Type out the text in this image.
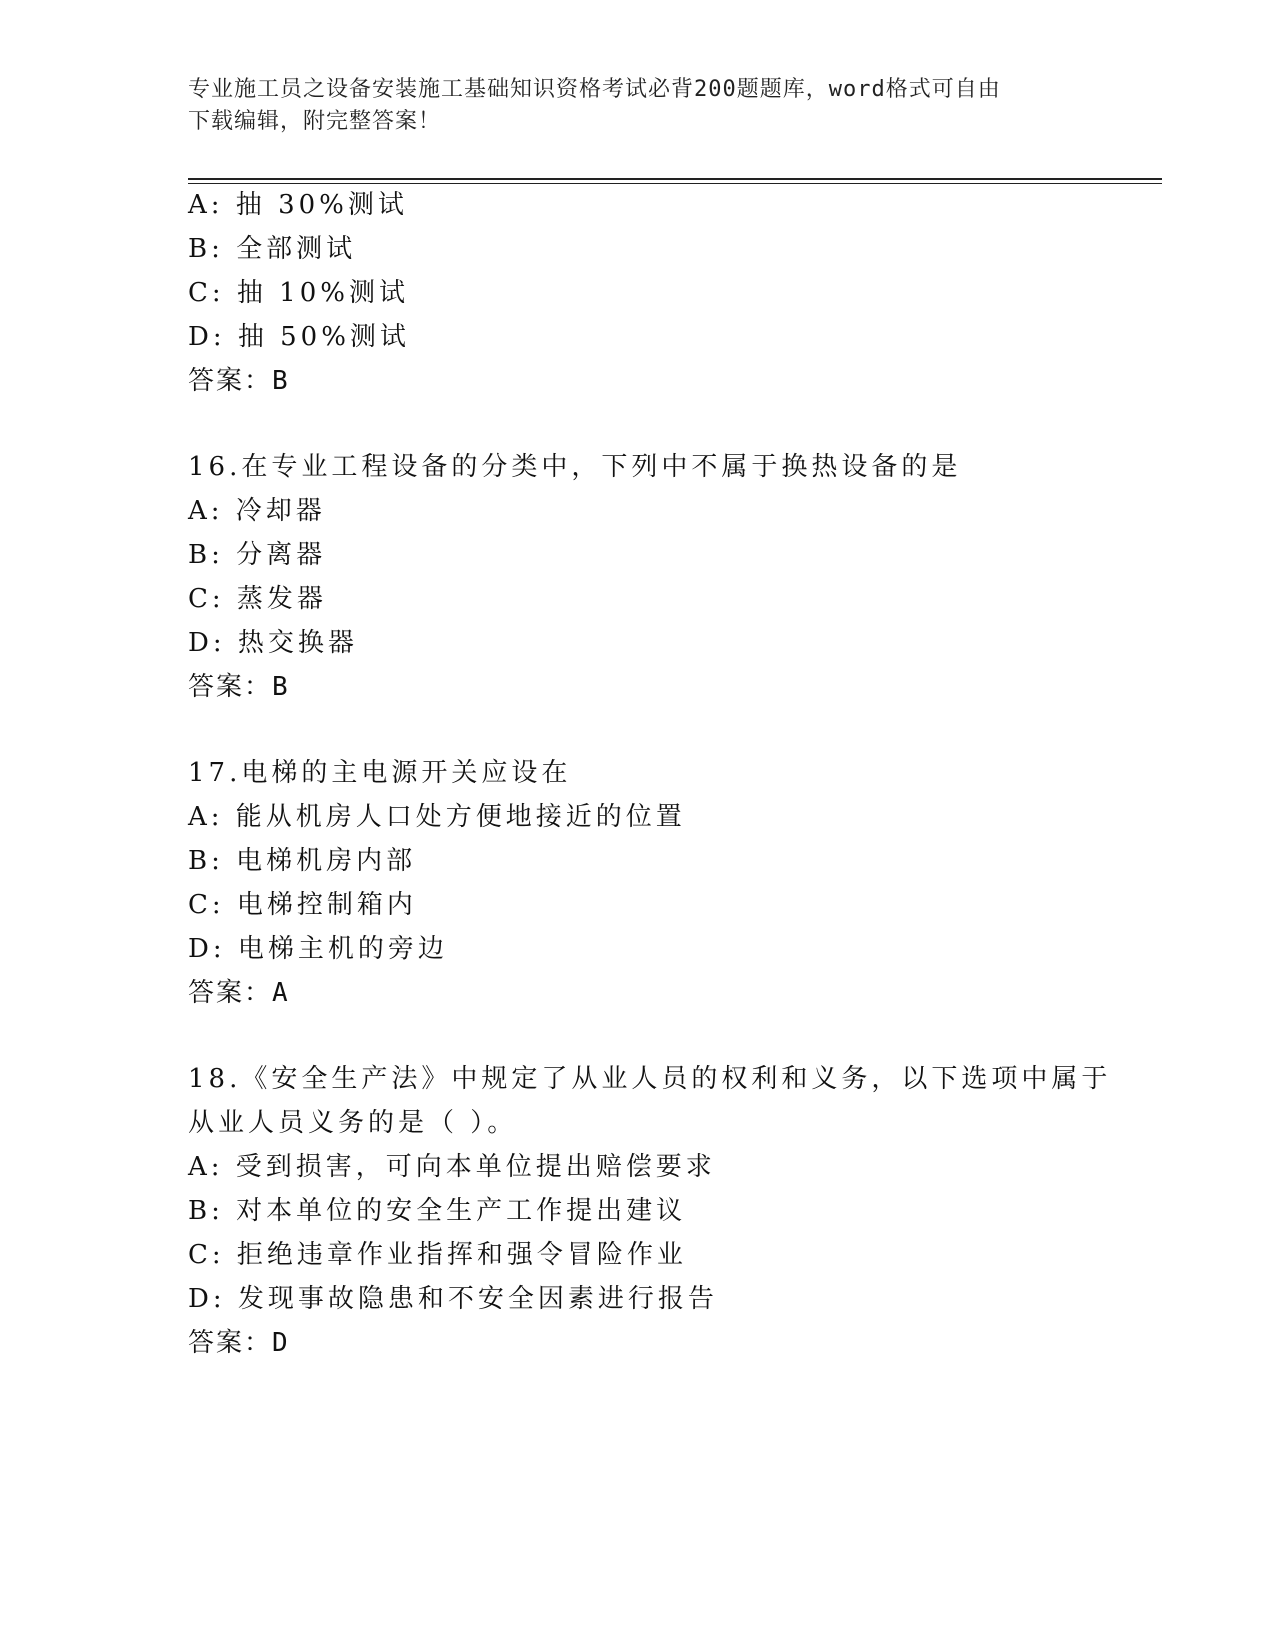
专业施工员之设备安装施工基础知识资格考试必背200题题库，word格式可自由
下载编辑，附完整答案！
A: 抽 30%测试
B: 全部测试
C: 抽 10%测试
D: 抽 50%测试
答案：B
16.在专业工程设备的分类中，下列中不属于换热设备的是
A: 冷却器
B: 分离器
C: 蒸发器
D: 热交换器
答案：B
17.电梯的主电源开关应设在
A: 能从机房人口处方便地接近的位置
B: 电梯机房内部
C: 电梯控制箱内
D: 电梯主机的旁边
答案：A
18.《安全生产法》中规定了从业人员的权利和义务，以下选项中属于
从业人员义务的是（ ）。
A: 受到损害，可向本单位提出赔偿要求
B: 对本单位的安全生产工作提出建议
C: 拒绝违章作业指挥和强令冒险作业
D: 发现事故隐患和不安全因素进行报告
答案：D
